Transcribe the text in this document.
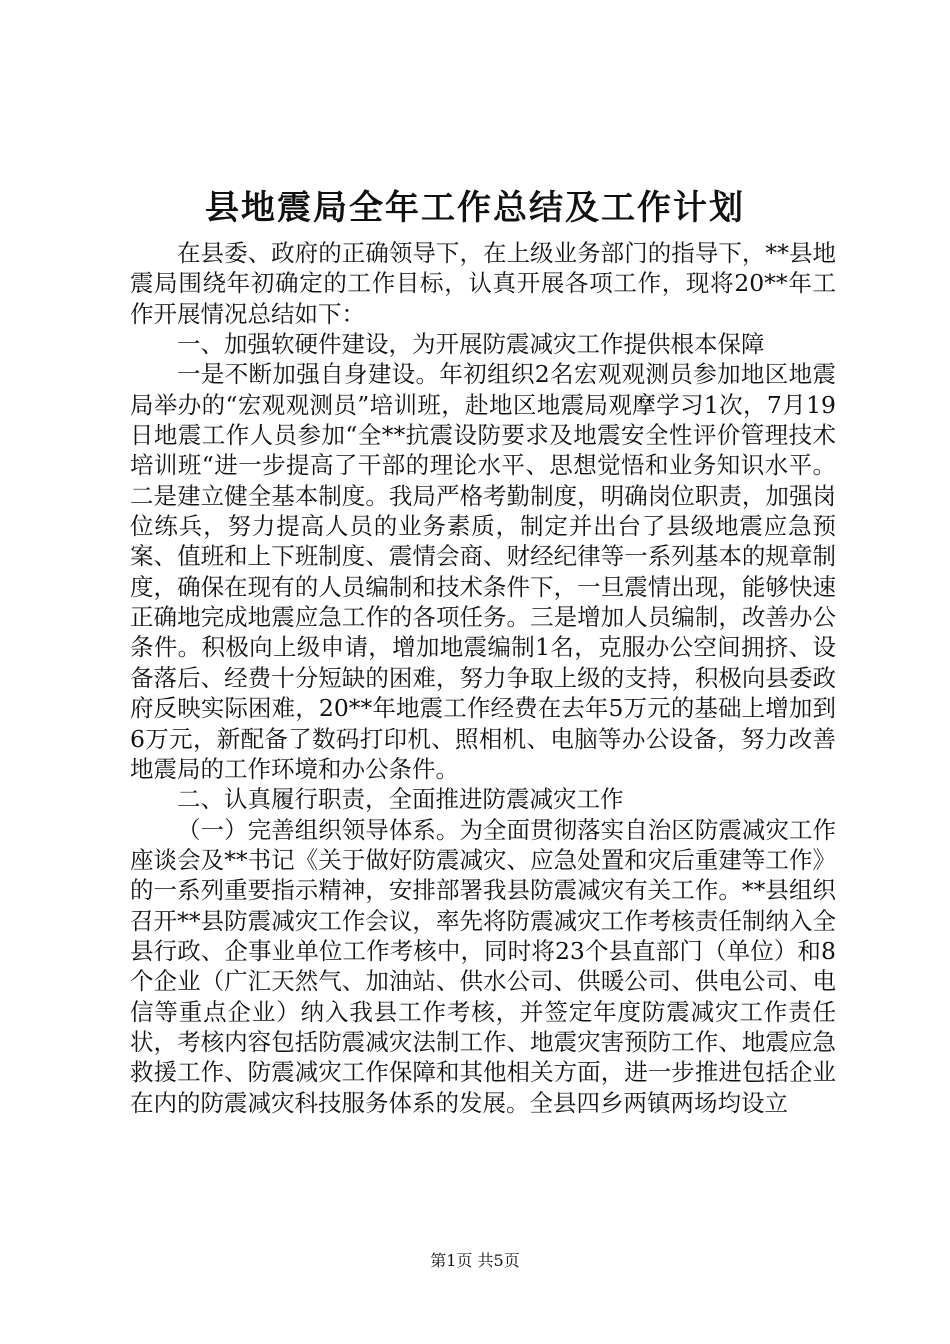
县地震局全年工作总结及工作计划

在县委、政府的正确领导下，在上级业务部门的指导下，**县地震局围绕年初确定的工作目标，认真开展各项工作，现将20**年工作开展情况总结如下：

一、加强软硬件建设，为开展防震减灾工作提供根本保障

一是不断加强自身建设。年初组织2名宏观观测员参加地区地震局举办的“宏观观测员”培训班，赴地区地震局观摩学习1次，7月19日地震工作人员参加“全**抗震设防要求及地震安全性评价管理技术培训班“进一步提高了干部的理论水平、思想觉悟和业务知识水平。二是建立健全基本制度。我局严格考勤制度，明确岗位职责，加强岗位练兵，努力提高人员的业务素质，制定并出台了县级地震应急预案、值班和上下班制度、震情会商、财经纪律等一系列基本的规章制度，确保在现有的人员编制和技术条件下，一旦震情出现，能够快速正确地完成地震应急工作的各项任务。三是增加人员编制，改善办公条件。积极向上级申请，增加地震编制1名，克服办公空间拥挤、设备落后、经费十分短缺的困难，努力争取上级的支持，积极向县委政府反映实际困难，20**年地震工作经费在去年5万元的基础上增加到6万元，新配备了数码打印机、照相机、电脑等办公设备，努力改善地震局的工作环境和办公条件。

二、认真履行职责，全面推进防震减灾工作

（一）完善组织领导体系。为全面贯彻落实自治区防震减灾工作座谈会及**书记《关于做好防震减灾、应急处置和灾后重建等工作》的一系列重要指示精神，安排部署我县防震减灾有关工作。**县组织召开**县防震减灾工作会议，率先将防震减灾工作考核责任制纳入全县行政、企事业单位工作考核中，同时将23个县直部门（单位）和8个企业（广汇天然气、加油站、供水公司、供暖公司、供电公司、电信等重点企业）纳入我县工作考核，并签定年度防震减灾工作责任状，考核内容包括防震减灾法制工作、地震灾害预防工作、地震应急救援工作、防震减灾工作保障和其他相关方面，进一步推进包括企业在内的防震减灾科技服务体系的发展。全县四乡两镇两场均设立

第1页 共5页
